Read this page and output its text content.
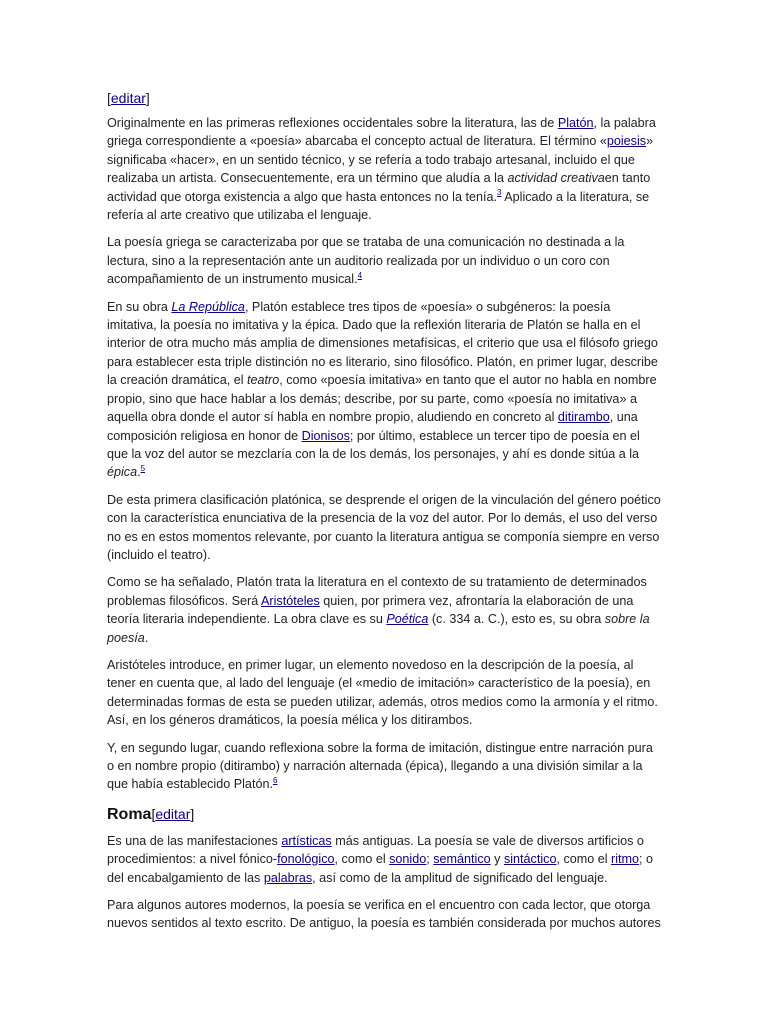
[editar]

Originalmente en las primeras reflexiones occidentales sobre la literatura, las de Platón, la palabra griega correspondiente a «poesía» abarcaba el concepto actual de literatura. El término «poiesis» significaba «hacer», en un sentido técnico, y se refería a todo trabajo artesanal, incluido el que realizaba un artista. Consecuentemente, era un término que aludía a la actividad creativaen tanto actividad que otorga existencia a algo que hasta entonces no la tenía.$^3$ Aplicado a la literatura, se refería al arte creativo que utilizaba el lenguaje.

La poesía griega se caracterizaba por que se trataba de una comunicación no destinada a la lectura, sino a la representación ante un auditorio realizada por un individuo o un coro con acompañamiento de un instrumento musical.$^4$

En su obra La República, Platón establece tres tipos de «poesía» o subgéneros: la poesía imitativa, la poesía no imitativa y la épica. Dado que la reflexión literaria de Platón se halla en el interior de otra mucho más amplia de dimensiones metafísicas, el criterio que usa el filósofo griego para establecer esta triple distinción no es literario, sino filosófico. Platón, en primer lugar, describe la creación dramática, el teatro, como «poesía imitativa» en tanto que el autor no habla en nombre propio, sino que hace hablar a los demás; describe, por su parte, como «poesía no imitativa» a aquella obra donde el autor sí habla en nombre propio, aludiendo en concreto al ditirambo, una composición religiosa en honor de Dionisos; por último, establece un tercer tipo de poesía en el que la voz del autor se mezclaría con la de los demás, los personajes, y ahí es donde sitúa a la épica.$^5$

De esta primera clasificación platónica, se desprende el origen de la vinculación del género poético con la característica enunciativa de la presencia de la voz del autor. Por lo demás, el uso del verso no es en estos momentos relevante, por cuanto la literatura antigua se componía siempre en verso (incluido el teatro).

Como se ha señalado, Platón trata la literatura en el contexto de su tratamiento de determinados problemas filosóficos. Será Aristóteles quien, por primera vez, afrontaría la elaboración de una teoría literaria independiente. La obra clave es su Poética (c. 334 a. C.), esto es, su obra sobre la poesía.

Aristóteles introduce, en primer lugar, un elemento novedoso en la descripción de la poesía, al tener en cuenta que, al lado del lenguaje (el «medio de imitación» característico de la poesía), en determinadas formas de esta se pueden utilizar, además, otros medios como la armonía y el ritmo. Así, en los géneros dramáticos, la poesía mélica y los ditirambos.

Y, en segundo lugar, cuando reflexiona sobre la forma de imitación, distingue entre narración pura o en nombre propio (ditirambo) y narración alternada (épica), llegando a una división similar a la que había establecido Platón.$^6$

Roma[editar]

Es una de las manifestaciones artísticas más antiguas. La poesía se vale de diversos artificios o procedimientos: a nivel fónico-fonológico, como el sonido; semántico y sintáctico, como el ritmo; o del encabalgamiento de las palabras, así como de la amplitud de significado del lenguaje.

Para algunos autores modernos, la poesía se verifica en el encuentro con cada lector, que otorga nuevos sentidos al texto escrito. De antiguo, la poesía es también considerada por muchos autores
